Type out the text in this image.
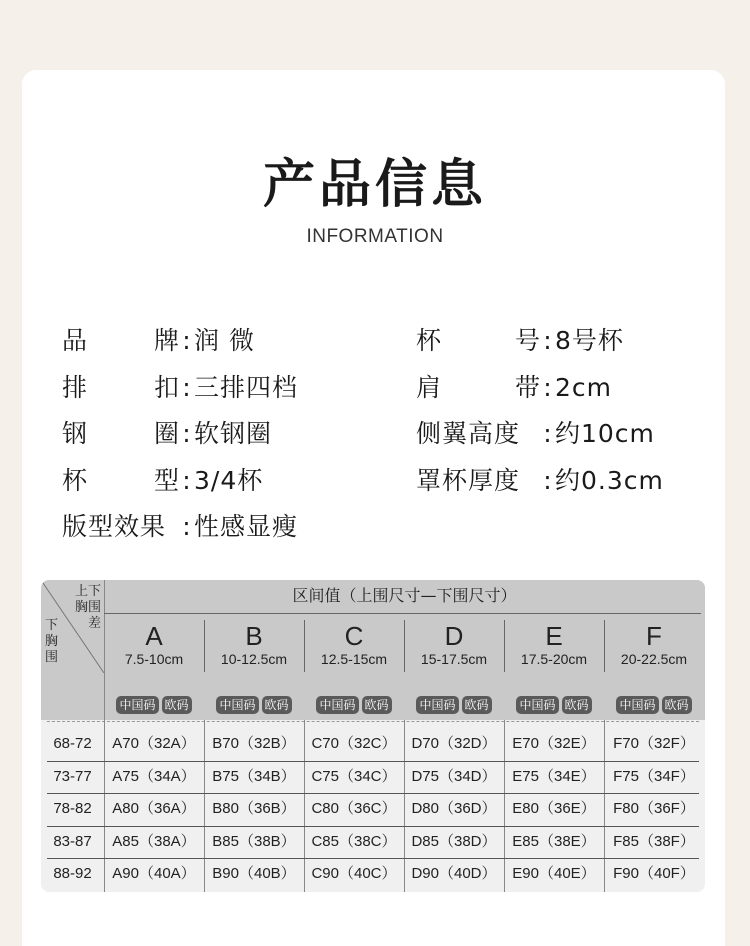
产品信息
INFORMATION
品	牌 : 润 微
排	扣 : 三排四档
钢	圈 : 软钢圈
杯	型 : 3/4杯
版型效果 : 性感显瘦
杯	号 : 8号杯
肩	带 : 2cm
侧翼高度 : 约10cm
罩杯厚度 : 约0.3cm
上下胸围差
下胸围
区间值（上围尺寸—下围尺寸）
A
7.5-10cm
中国码 欧码
B
10-12.5cm
中国码 欧码
C
12.5-15cm
中国码 欧码
D
15-17.5cm
中国码 欧码
E
17.5-20cm
中国码 欧码
F
20-22.5cm
中国码 欧码
68-72	A70（32A）	B70（32B）	C70（32C） D70（32D）	E70（32E）	F70（32F）
73-77	A75（34A）	B75（34B）	C75（34C） D75（34D）	E75（34E）	F75（34F）
78-82	A80（36A）	B80（36B）	C80（36C） D80（36D）	E80（36E）	F80（36F）
83-87	A85（38A）	B85（38B）	C85（38C） D85（38D）	E85（38E）	F85（38F）
88-92	A90（40A）	B90（40B）	C90（40C） D90（40D）	E90（40E）	F90（40F）
